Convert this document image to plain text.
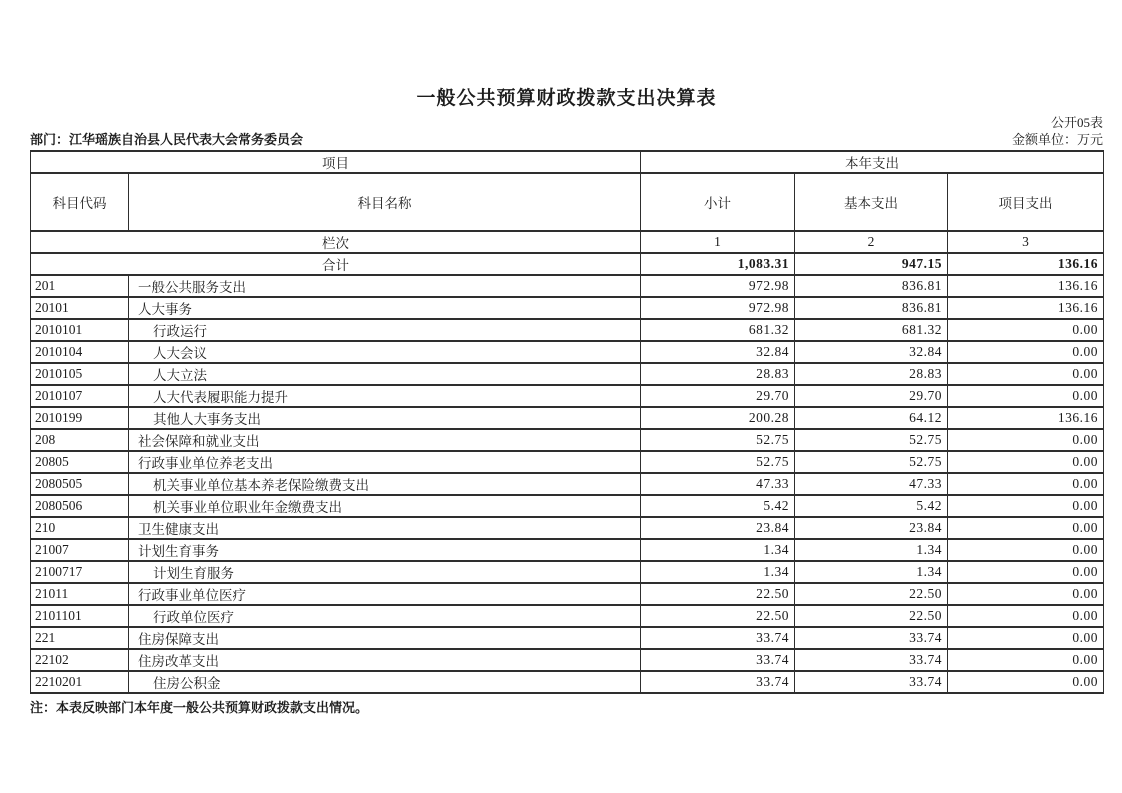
一般公共预算财政拨款支出决算表
公开05表
部门：江华瑶族自治县人民代表大会常务委员会	金额单位：万元
项目		本年支出		
科目代码	科目名称	小计	基本支出	项目支出
栏次		1	2	3
合计		1,083.31	947.15	136.16
201	一般公共服务支出	972.98	836.81	136.16
20101	人大事务	972.98	836.81	136.16
2010101	行政运行	681.32	681.32	0.00
2010104	人大会议	32.84	32.84	0.00
2010105	人大立法	28.83	28.83	0.00
2010107	人大代表履职能力提升	29.70	29.70	0.00
2010199	其他人大事务支出	200.28	64.12	136.16
208	社会保障和就业支出	52.75	52.75	0.00
20805	行政事业单位养老支出	52.75	52.75	0.00
2080505	机关事业单位基本养老保险缴费支出	47.33	47.33	0.00
2080506	机关事业单位职业年金缴费支出	5.42	5.42	0.00
210	卫生健康支出	23.84	23.84	0.00
21007	计划生育事务	1.34	1.34	0.00
2100717	计划生育服务	1.34	1.34	0.00
21011	行政事业单位医疗	22.50	22.50	0.00
2101101	行政单位医疗	22.50	22.50	0.00
221	住房保障支出	33.74	33.74	0.00
22102	住房改革支出	33.74	33.74	0.00
2210201	住房公积金	33.74	33.74	0.00
注：本表反映部门本年度一般公共预算财政拨款支出情况。
